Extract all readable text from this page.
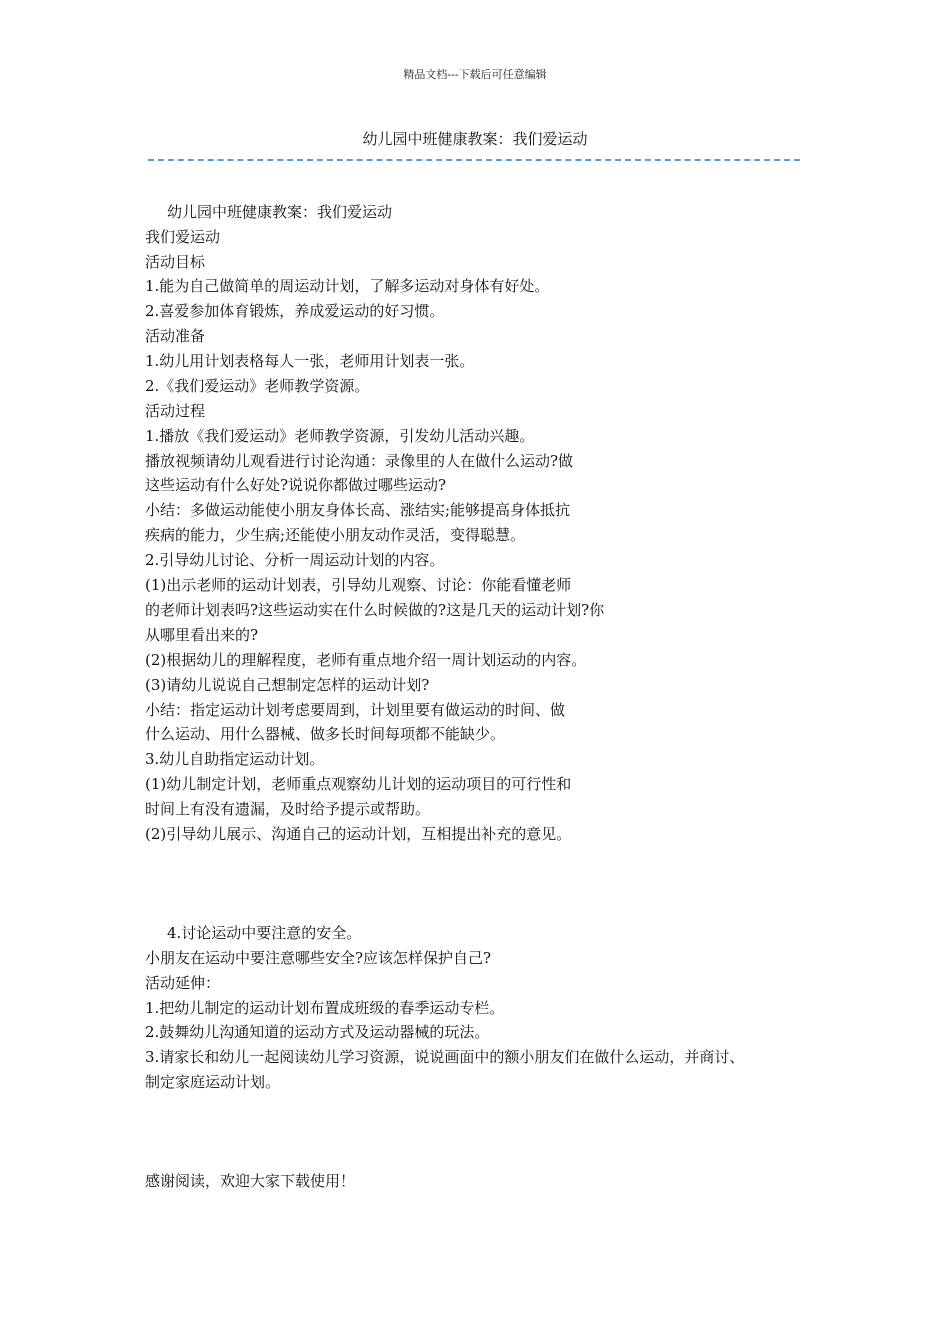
精品文档---下载后可任意编辑
幼儿园中班健康教案：我们爱运动
幼儿园中班健康教案：我们爱运动
我们爱运动
活动目标
1.能为自己做简单的周运动计划，了解多运动对身体有好处。
2.喜爱参加体育锻炼，养成爱运动的好习惯。
活动准备
1.幼儿用计划表格每人一张，老师用计划表一张。
2.《我们爱运动》老师教学资源。
活动过程
1.播放《我们爱运动》老师教学资源，引发幼儿活动兴趣。
播放视频请幼儿观看进行讨论沟通：录像里的人在做什么运动?做
这些运动有什么好处?说说你都做过哪些运动?
小结：多做运动能使小朋友身体长高、涨结实;能够提高身体抵抗
疾病的能力，少生病;还能使小朋友动作灵活，变得聪慧。
2.引导幼儿讨论、分析一周运动计划的内容。
(1)出示老师的运动计划表，引导幼儿观察、讨论：你能看懂老师
的老师计划表吗?这些运动实在什么时候做的?这是几天的运动计划?你
从哪里看出来的?
(2)根据幼儿的理解程度，老师有重点地介绍一周计划运动的内容。
(3)请幼儿说说自己想制定怎样的运动计划?
小结：指定运动计划考虑要周到，计划里要有做运动的时间、做
什么运动、用什么器械、做多长时间每项都不能缺少。
3.幼儿自助指定运动计划。
(1)幼儿制定计划，老师重点观察幼儿计划的运动项目的可行性和
时间上有没有遗漏，及时给予提示或帮助。
(2)引导幼儿展示、沟通自己的运动计划，互相提出补充的意见。
4.讨论运动中要注意的安全。
小朋友在运动中要注意哪些安全?应该怎样保护自己?
活动延伸：
1.把幼儿制定的运动计划布置成班级的春季运动专栏。
2.鼓舞幼儿沟通知道的运动方式及运动器械的玩法。
3.请家长和幼儿一起阅读幼儿学习资源，说说画面中的额小朋友们在做什么运动，并商讨、
制定家庭运动计划。
感谢阅读，欢迎大家下载使用！
